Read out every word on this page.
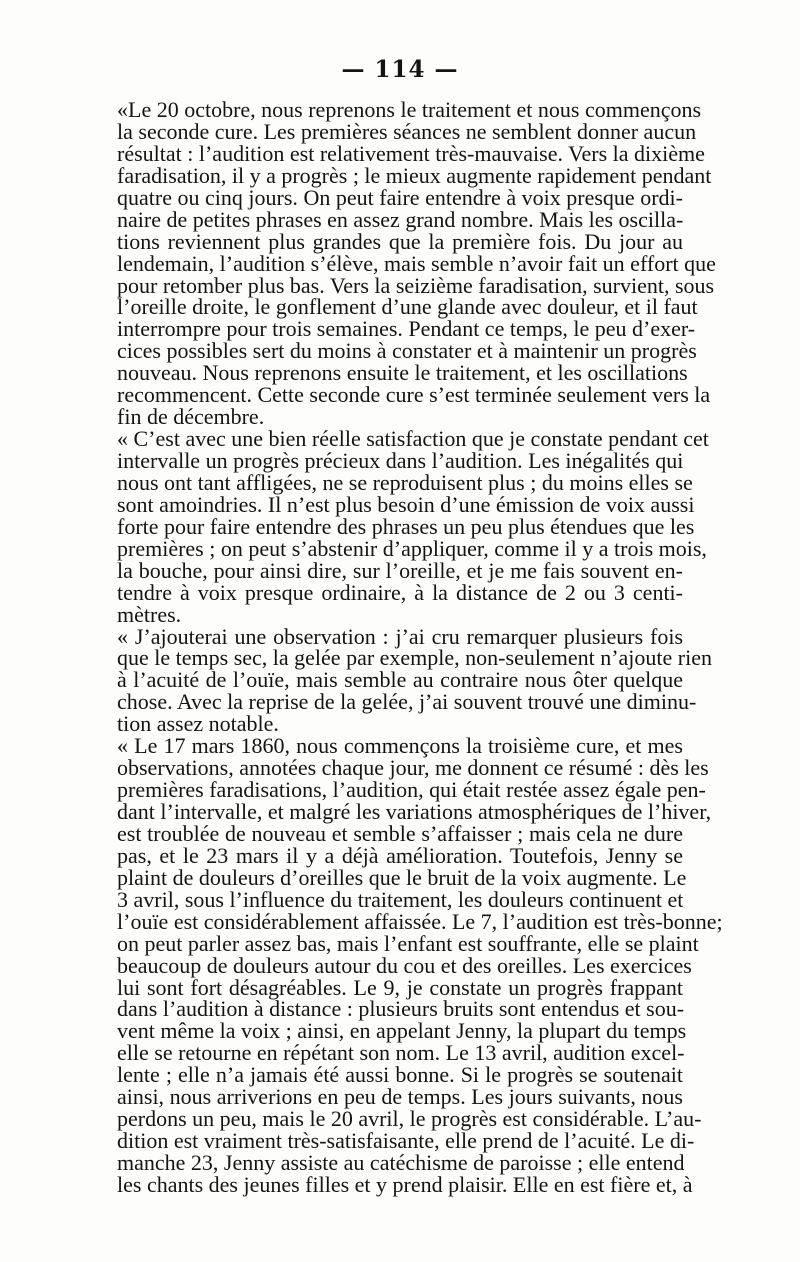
— 114 —
«Le 20 octobre, nous reprenons le traitement et nous commençons
la seconde cure. Les premières séances ne semblent donner aucun
résultat : l’audition est relativement très-mauvaise. Vers la dixième
faradisation, il y a progrès ; le mieux augmente rapidement pendant
quatre ou cinq jours. On peut faire entendre à voix presque ordi-
naire de petites phrases en assez grand nombre. Mais les oscilla-
tions reviennent plus grandes que la première fois. Du jour au
lendemain, l’audition s’élève, mais semble n’avoir fait un effort que
pour retomber plus bas. Vers la seizième faradisation, survient, sous
l’oreille droite, le gonflement d’une glande avec douleur, et il faut
interrompre pour trois semaines. Pendant ce temps, le peu d’exer-
cices possibles sert du moins à constater et à maintenir un progrès
nouveau. Nous reprenons ensuite le traitement, et les oscillations
recommencent. Cette seconde cure s’est terminée seulement vers la
fin de décembre.
« C’est avec une bien réelle satisfaction que je constate pendant cet
intervalle un progrès précieux dans l’audition. Les inégalités qui
nous ont tant affligées, ne se reproduisent plus ; du moins elles se
sont amoindries. Il n’est plus besoin d’une émission de voix aussi
forte pour faire entendre des phrases un peu plus étendues que les
premières ; on peut s’abstenir d’appliquer, comme il y a trois mois,
la bouche, pour ainsi dire, sur l’oreille, et je me fais souvent en-
tendre à voix presque ordinaire, à la distance de 2 ou 3 centi-
mètres.
« J’ajouterai une observation : j’ai cru remarquer plusieurs fois
que le temps sec, la gelée par exemple, non-seulement n’ajoute rien
à l’acuité de l’ouïe, mais semble au contraire nous ôter quelque
chose. Avec la reprise de la gelée, j’ai souvent trouvé une diminu-
tion assez notable.
« Le 17 mars 1860, nous commençons la troisième cure, et mes
observations, annotées chaque jour, me donnent ce résumé : dès les
premières faradisations, l’audition, qui était restée assez égale pen-
dant l’intervalle, et malgré les variations atmosphériques de l’hiver,
est troublée de nouveau et semble s’affaisser ; mais cela ne dure
pas, et le 23 mars il y a déjà amélioration. Toutefois, Jenny se
plaint de douleurs d’oreilles que le bruit de la voix augmente. Le
3 avril, sous l’influence du traitement, les douleurs continuent et
l’ouïe est considérablement affaissée. Le 7, l’audition est très-bonne;
on peut parler assez bas, mais l’enfant est souffrante, elle se plaint
beaucoup de douleurs autour du cou et des oreilles. Les exercices
lui sont fort désagréables. Le 9, je constate un progrès frappant
dans l’audition à distance : plusieurs bruits sont entendus et sou-
vent même la voix ; ainsi, en appelant Jenny, la plupart du temps
elle se retourne en répétant son nom. Le 13 avril, audition excel-
lente ; elle n’a jamais été aussi bonne. Si le progrès se soutenait
ainsi, nous arriverions en peu de temps. Les jours suivants, nous
perdons un peu, mais le 20 avril, le progrès est considérable. L’au-
dition est vraiment très-satisfaisante, elle prend de l’acuité. Le di-
manche 23, Jenny assiste au catéchisme de paroisse ; elle entend
les chants des jeunes filles et y prend plaisir. Elle en est fière et, à
